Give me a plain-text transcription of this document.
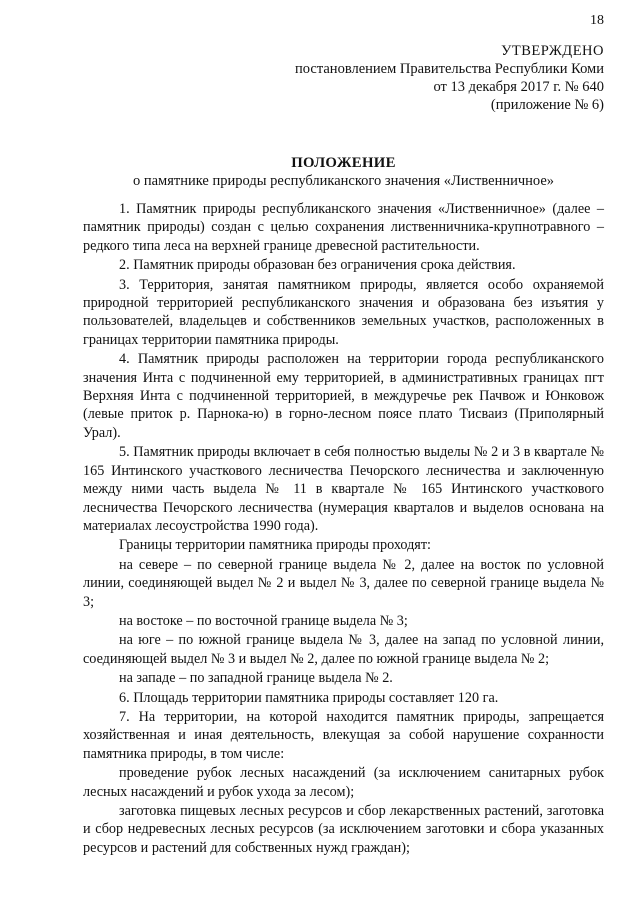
18
УТВЕРЖДЕНО
постановлением Правительства Республики Коми
от 13 декабря 2017 г. № 640
(приложение № 6)
ПОЛОЖЕНИЕ
о памятнике природы республиканского значения «Лиственничное»

1. Памятник природы республиканского значения «Лиственничное» (далее – памятник природы) создан с целью сохранения лиственничника-крупнотравного – редкого типа леса на верхней границе древесной растительности.

2. Памятник природы образован без ограничения срока действия.

3. Территория, занятая памятником природы, является особо охраняемой природной территорией республиканского значения и образована без изъятия у пользователей, владельцев и собственников земельных участков, расположенных в границах территории памятника природы.

4. Памятник природы расположен на территории города республиканского значения Инта с подчиненной ему территорией, в административных границах пгт Верхняя Инта с подчиненной территорией, в междуречье рек Пачвож и Юнковож (левые приток р. Парнока-ю) в горно-лесном поясе плато Тисваиз (Приполярный Урал).

5. Памятник природы включает в себя полностью выделы № 2 и 3 в квартале № 165 Интинского участкового лесничества Печорского лесничества и заключенную между ними часть выдела № 11 в квартале № 165 Интинского участкового лесничества Печорского лесничества (нумерация кварталов и выделов основана на материалах лесоустройства 1990 года).

Границы территории памятника природы проходят:

на севере – по северной границе выдела № 2, далее на восток по условной линии, соединяющей выдел № 2 и выдел № 3, далее по северной границе выдела № 3;

на востоке – по восточной границе выдела № 3;

на юге – по южной границе выдела № 3, далее на запад по условной линии, соединяющей выдел № 3 и выдел № 2, далее по южной границе выдела № 2;

на западе – по западной границе выдела № 2.

6. Площадь территории памятника природы составляет 120 га.

7. На территории, на которой находится памятник природы, запрещается хозяйственная и иная деятельность, влекущая за собой нарушение сохранности памятника природы, в том числе:

проведение рубок лесных насаждений (за исключением санитарных рубок лесных насаждений и рубок ухода за лесом);

заготовка пищевых лесных ресурсов и сбор лекарственных растений, заготовка и сбор недревесных лесных ресурсов (за исключением заготовки и сбора указанных ресурсов и растений для собственных нужд граждан);
